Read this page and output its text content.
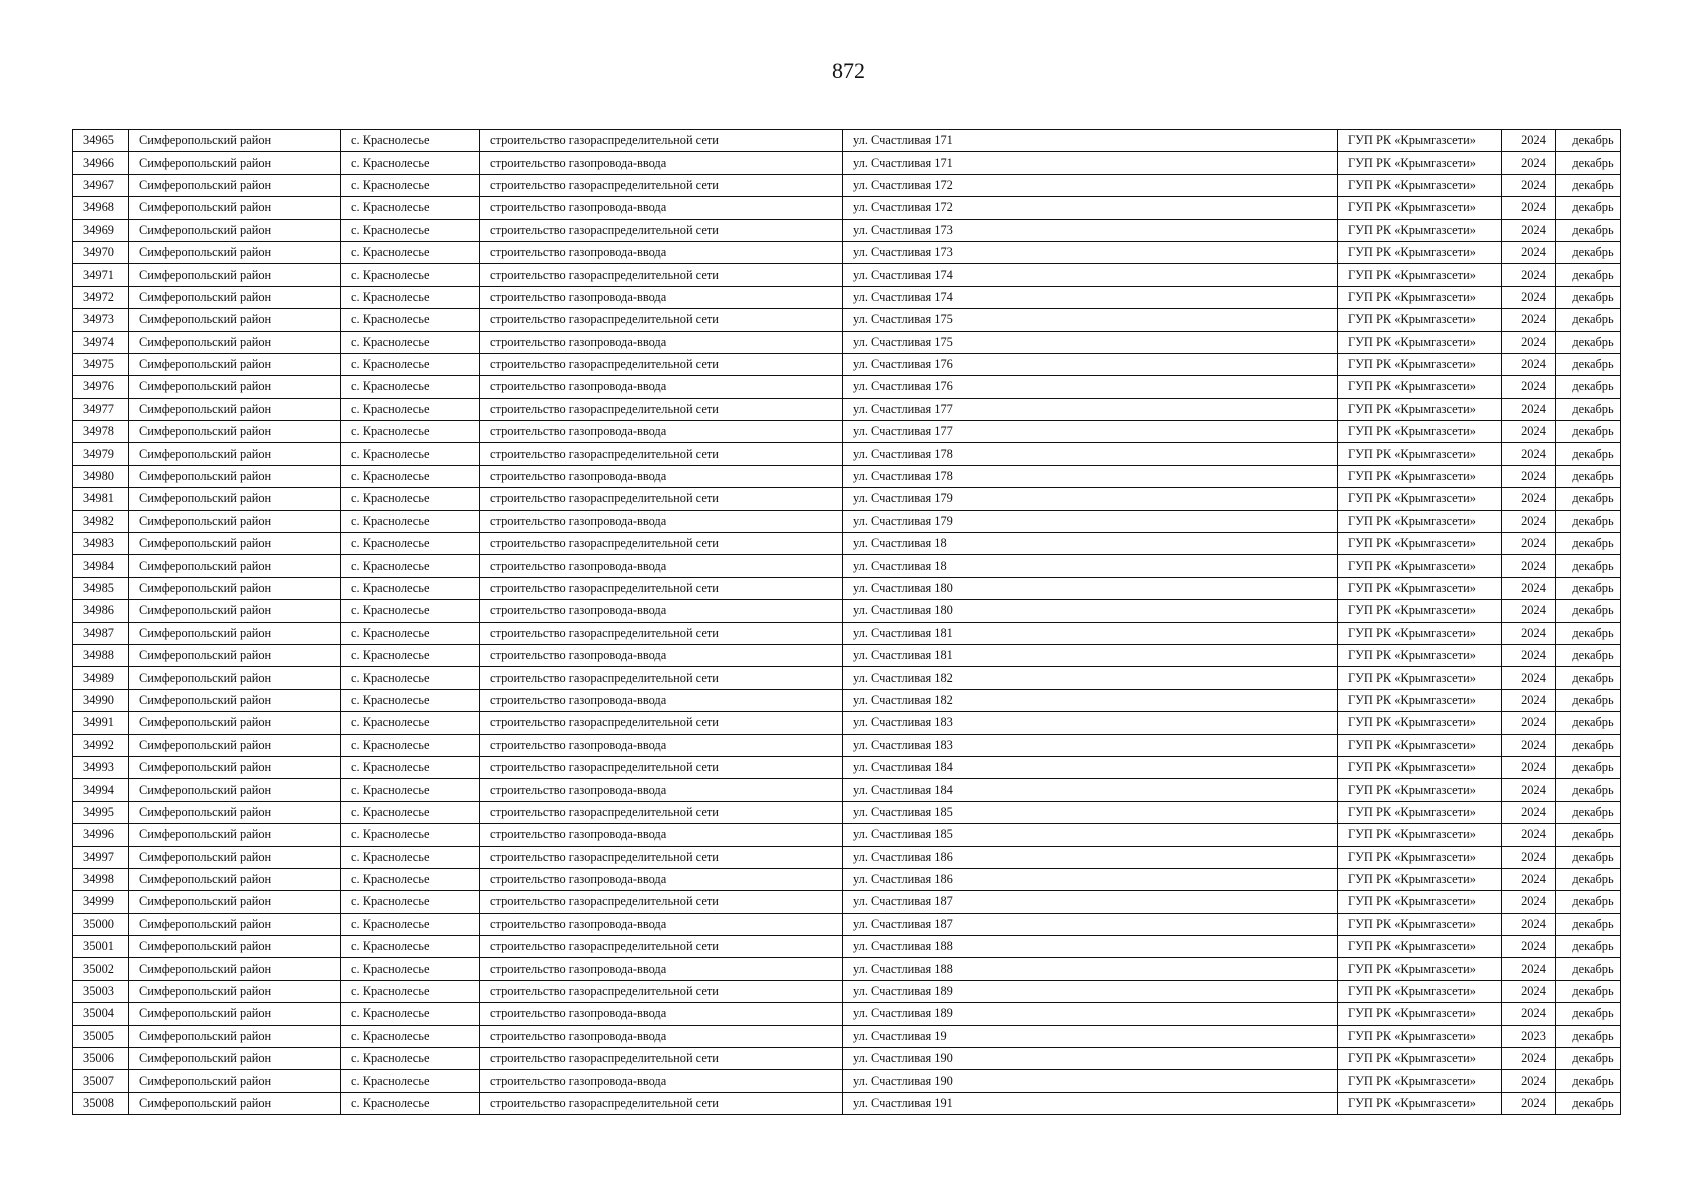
872
34965	Симферопольский район	с. Краснолесье	строительство газораспределительной сети	ул. Счастливая 171	ГУП РК «Крымгазсети»	2024	декабрь
34966	Симферопольский район	с. Краснолесье	строительство газопровода-ввода	ул. Счастливая 171	ГУП РК «Крымгазсети»	2024	декабрь
34967	Симферопольский район	с. Краснолесье	строительство газораспределительной сети	ул. Счастливая 172	ГУП РК «Крымгазсети»	2024	декабрь
34968	Симферопольский район	с. Краснолесье	строительство газопровода-ввода	ул. Счастливая 172	ГУП РК «Крымгазсети»	2024	декабрь
34969	Симферопольский район	с. Краснолесье	строительство газораспределительной сети	ул. Счастливая 173	ГУП РК «Крымгазсети»	2024	декабрь
34970	Симферопольский район	с. Краснолесье	строительство газопровода-ввода	ул. Счастливая 173	ГУП РК «Крымгазсети»	2024	декабрь
34971	Симферопольский район	с. Краснолесье	строительство газораспределительной сети	ул. Счастливая 174	ГУП РК «Крымгазсети»	2024	декабрь
34972	Симферопольский район	с. Краснолесье	строительство газопровода-ввода	ул. Счастливая 174	ГУП РК «Крымгазсети»	2024	декабрь
34973	Симферопольский район	с. Краснолесье	строительство газораспределительной сети	ул. Счастливая 175	ГУП РК «Крымгазсети»	2024	декабрь
34974	Симферопольский район	с. Краснолесье	строительство газопровода-ввода	ул. Счастливая 175	ГУП РК «Крымгазсети»	2024	декабрь
34975	Симферопольский район	с. Краснолесье	строительство газораспределительной сети	ул. Счастливая 176	ГУП РК «Крымгазсети»	2024	декабрь
34976	Симферопольский район	с. Краснолесье	строительство газопровода-ввода	ул. Счастливая 176	ГУП РК «Крымгазсети»	2024	декабрь
34977	Симферопольский район	с. Краснолесье	строительство газораспределительной сети	ул. Счастливая 177	ГУП РК «Крымгазсети»	2024	декабрь
34978	Симферопольский район	с. Краснолесье	строительство газопровода-ввода	ул. Счастливая 177	ГУП РК «Крымгазсети»	2024	декабрь
34979	Симферопольский район	с. Краснолесье	строительство газораспределительной сети	ул. Счастливая 178	ГУП РК «Крымгазсети»	2024	декабрь
34980	Симферопольский район	с. Краснолесье	строительство газопровода-ввода	ул. Счастливая 178	ГУП РК «Крымгазсети»	2024	декабрь
34981	Симферопольский район	с. Краснолесье	строительство газораспределительной сети	ул. Счастливая 179	ГУП РК «Крымгазсети»	2024	декабрь
34982	Симферопольский район	с. Краснолесье	строительство газопровода-ввода	ул. Счастливая 179	ГУП РК «Крымгазсети»	2024	декабрь
34983	Симферопольский район	с. Краснолесье	строительство газораспределительной сети	ул. Счастливая 18	ГУП РК «Крымгазсети»	2024	декабрь
34984	Симферопольский район	с. Краснолесье	строительство газопровода-ввода	ул. Счастливая 18	ГУП РК «Крымгазсети»	2024	декабрь
34985	Симферопольский район	с. Краснолесье	строительство газораспределительной сети	ул. Счастливая 180	ГУП РК «Крымгазсети»	2024	декабрь
34986	Симферопольский район	с. Краснолесье	строительство газопровода-ввода	ул. Счастливая 180	ГУП РК «Крымгазсети»	2024	декабрь
34987	Симферопольский район	с. Краснолесье	строительство газораспределительной сети	ул. Счастливая 181	ГУП РК «Крымгазсети»	2024	декабрь
34988	Симферопольский район	с. Краснолесье	строительство газопровода-ввода	ул. Счастливая 181	ГУП РК «Крымгазсети»	2024	декабрь
34989	Симферопольский район	с. Краснолесье	строительство газораспределительной сети	ул. Счастливая 182	ГУП РК «Крымгазсети»	2024	декабрь
34990	Симферопольский район	с. Краснолесье	строительство газопровода-ввода	ул. Счастливая 182	ГУП РК «Крымгазсети»	2024	декабрь
34991	Симферопольский район	с. Краснолесье	строительство газораспределительной сети	ул. Счастливая 183	ГУП РК «Крымгазсети»	2024	декабрь
34992	Симферопольский район	с. Краснолесье	строительство газопровода-ввода	ул. Счастливая 183	ГУП РК «Крымгазсети»	2024	декабрь
34993	Симферопольский район	с. Краснолесье	строительство газораспределительной сети	ул. Счастливая 184	ГУП РК «Крымгазсети»	2024	декабрь
34994	Симферопольский район	с. Краснолесье	строительство газопровода-ввода	ул. Счастливая 184	ГУП РК «Крымгазсети»	2024	декабрь
34995	Симферопольский район	с. Краснолесье	строительство газораспределительной сети	ул. Счастливая 185	ГУП РК «Крымгазсети»	2024	декабрь
34996	Симферопольский район	с. Краснолесье	строительство газопровода-ввода	ул. Счастливая 185	ГУП РК «Крымгазсети»	2024	декабрь
34997	Симферопольский район	с. Краснолесье	строительство газораспределительной сети	ул. Счастливая 186	ГУП РК «Крымгазсети»	2024	декабрь
34998	Симферопольский район	с. Краснолесье	строительство газопровода-ввода	ул. Счастливая 186	ГУП РК «Крымгазсети»	2024	декабрь
34999	Симферопольский район	с. Краснолесье	строительство газораспределительной сети	ул. Счастливая 187	ГУП РК «Крымгазсети»	2024	декабрь
35000	Симферопольский район	с. Краснолесье	строительство газопровода-ввода	ул. Счастливая 187	ГУП РК «Крымгазсети»	2024	декабрь
35001	Симферопольский район	с. Краснолесье	строительство газораспределительной сети	ул. Счастливая 188	ГУП РК «Крымгазсети»	2024	декабрь
35002	Симферопольский район	с. Краснолесье	строительство газопровода-ввода	ул. Счастливая 188	ГУП РК «Крымгазсети»	2024	декабрь
35003	Симферопольский район	с. Краснолесье	строительство газораспределительной сети	ул. Счастливая 189	ГУП РК «Крымгазсети»	2024	декабрь
35004	Симферопольский район	с. Краснолесье	строительство газопровода-ввода	ул. Счастливая 189	ГУП РК «Крымгазсети»	2024	декабрь
35005	Симферопольский район	с. Краснолесье	строительство газопровода-ввода	ул. Счастливая 19	ГУП РК «Крымгазсети»	2023	декабрь
35006	Симферопольский район	с. Краснолесье	строительство газораспределительной сети	ул. Счастливая 190	ГУП РК «Крымгазсети»	2024	декабрь
35007	Симферопольский район	с. Краснолесье	строительство газопровода-ввода	ул. Счастливая 190	ГУП РК «Крымгазсети»	2024	декабрь
35008	Симферопольский район	с. Краснолесье	строительство газораспределительной сети	ул. Счастливая 191	ГУП РК «Крымгазсети»	2024	декабрь
